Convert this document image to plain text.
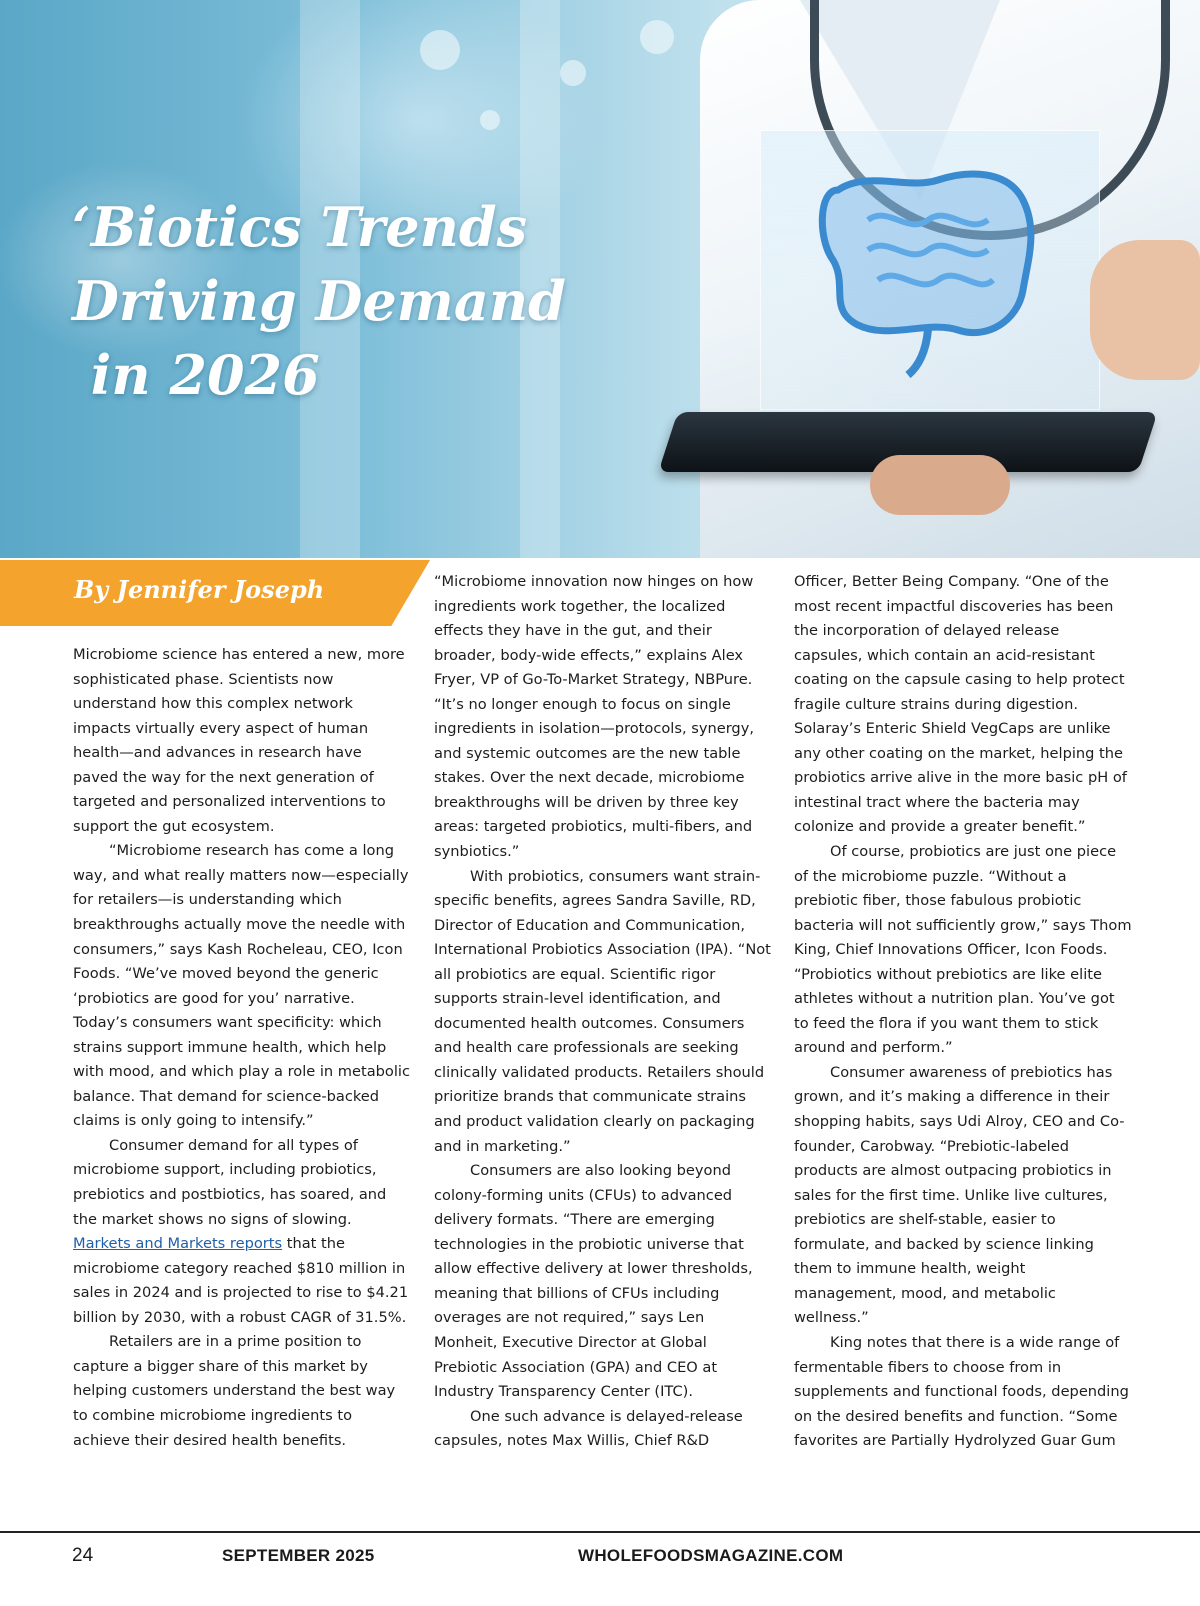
‘Biotics Trends
Driving Demand
in 2026
By Jennifer Joseph

Microbiome science has entered a new, more sophisticated phase. Scientists now understand how this complex network impacts virtually every aspect of human health—and advances in research have paved the way for the next generation of targeted and personalized interventions to support the gut ecosystem.

“Microbiome research has come a long way, and what really matters now—especially for retailers—is understanding which breakthroughs actually move the needle with consumers,” says Kash Rocheleau, CEO, Icon Foods. “We’ve moved beyond the generic ‘probiotics are good for you’ narrative. Today’s consumers want specificity: which strains support immune health, which help with mood, and which play a role in metabolic balance. That demand for science-backed claims is only going to intensify.”

Consumer demand for all types of microbiome support, including probiotics, prebiotics and postbiotics, has soared, and the market shows no signs of slowing. Markets and Markets reports that the microbiome category reached $810 million in sales in 2024 and is projected to rise to $4.21 billion by 2030, with a robust CAGR of 31.5%.

Retailers are in a prime position to capture a bigger share of this market by helping customers understand the best way to combine microbiome ingredients to achieve their desired health benefits.

“Microbiome innovation now hinges on how ingredients work together, the localized effects they have in the gut, and their broader, body-wide effects,” explains Alex Fryer, VP of Go-To-Market Strategy, NBPure. “It’s no longer enough to focus on single ingredients in isolation—protocols, synergy, and systemic outcomes are the new table stakes. Over the next decade, microbiome breakthroughs will be driven by three key areas: targeted probiotics, multi-fibers, and synbiotics.”

With probiotics, consumers want strain-specific benefits, agrees Sandra Saville, RD, Director of Education and Communication, International Probiotics Association (IPA). “Not all probiotics are equal. Scientific rigor supports strain-level identification, and documented health outcomes. Consumers and health care professionals are seeking clinically validated products. Retailers should prioritize brands that communicate strains and product validation clearly on packaging and in marketing.”

Consumers are also looking beyond colony-forming units (CFUs) to advanced delivery formats. “There are emerging technologies in the probiotic universe that allow effective delivery at lower thresholds, meaning that billions of CFUs including overages are not required,” says Len Monheit, Executive Director at Global Prebiotic Association (GPA) and CEO at Industry Transparency Center (ITC).

One such advance is delayed-release capsules, notes Max Willis, Chief R&D

Officer, Better Being Company. “One of the most recent impactful discoveries has been the incorporation of delayed release capsules, which contain an acid-resistant coating on the capsule casing to help protect fragile culture strains during digestion. Solaray’s Enteric Shield VegCaps are unlike any other coating on the market, helping the probiotics arrive alive in the more basic pH of intestinal tract where the bacteria may colonize and provide a greater benefit.”

Of course, probiotics are just one piece of the microbiome puzzle. “Without a prebiotic fiber, those fabulous probiotic bacteria will not sufficiently grow,” says Thom King, Chief Innovations Officer, Icon Foods. “Probiotics without prebiotics are like elite athletes without a nutrition plan. You’ve got to feed the flora if you want them to stick around and perform.”

Consumer awareness of prebiotics has grown, and it’s making a difference in their shopping habits, says Udi Alroy, CEO and Co-founder, Carobway. “Prebiotic-labeled products are almost outpacing probiotics in sales for the first time. Unlike live cultures, prebiotics are shelf-stable, easier to formulate, and backed by science linking them to immune health, weight management, mood, and metabolic wellness.”

King notes that there is a wide range of fermentable fibers to choose from in supplements and functional foods, depending on the desired benefits and function. “Some favorites are Partially Hydrolyzed Guar Gum

24	SEPTEMBER 2025	WHOLEFOODSMAGAZINE.COM
